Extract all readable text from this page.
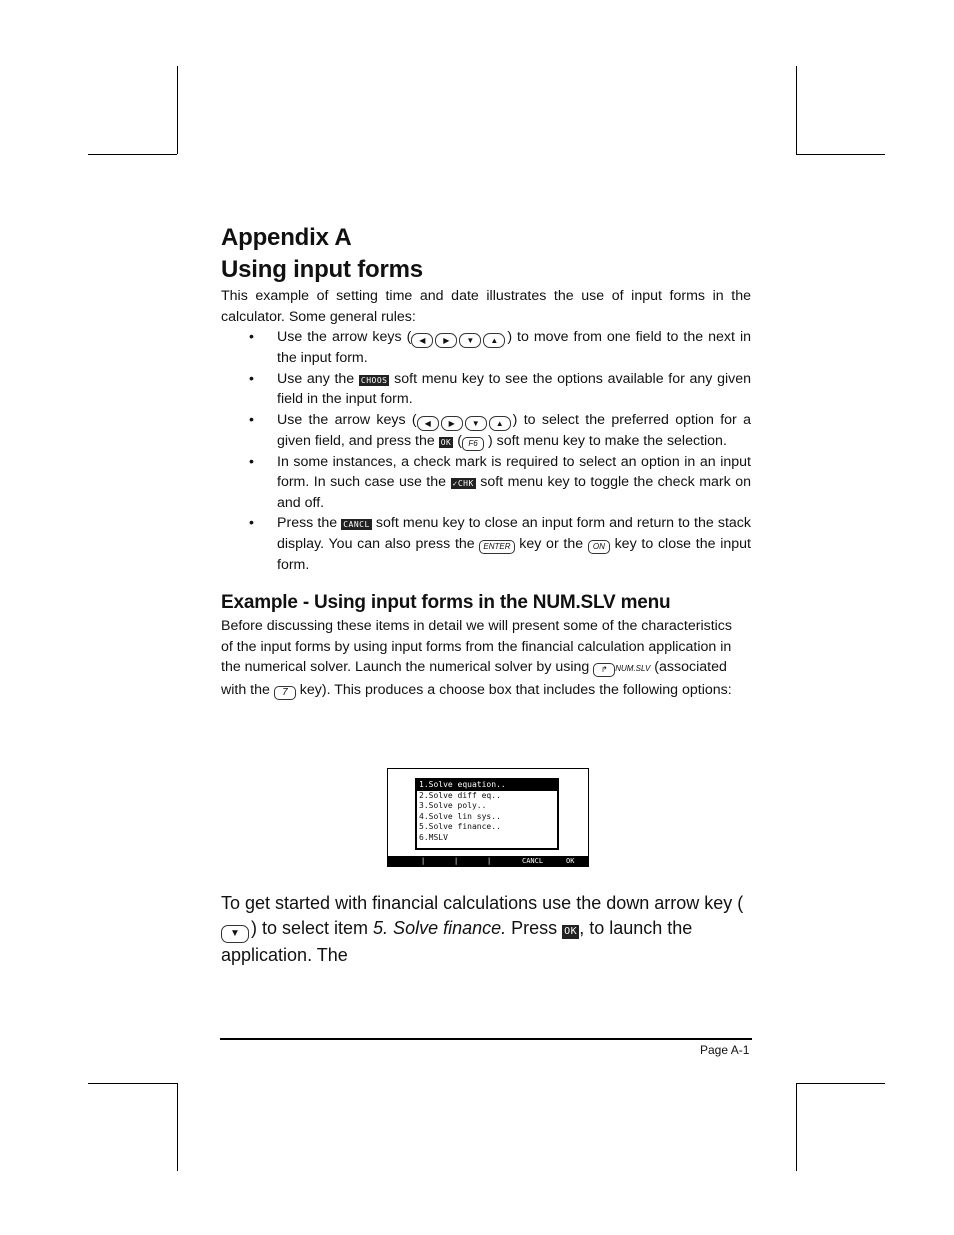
Appendix A
Using input forms

This example of setting time and date illustrates the use of input forms in the calculator. Some general rules:

• Use the arrow keys ( ◀ ▶ ▼ ▲ ) to move from one field to the next in the input form.
• Use any the CHOOS soft menu key to see the options available for any given field in the input form.
• Use the arrow keys ( ◀ ▶ ▼ ▲ ) to select the preferred option for a given field, and press the OK ( F6 ) soft menu key to make the selection.
• In some instances, a check mark is required to select an option in an input form. In such case use the ✓CHK soft menu key to toggle the check mark on and off.
• Press the CANCL soft menu key to close an input form and return to the stack display. You can also press the ENTER key or the ON key to close the input form.
Example - Using input forms in the NUM.SLV menu

Before discussing these items in detail we will present some of the characteristics of the input forms by using input forms from the financial calculation application in the numerical solver. Launch the numerical solver by using ↱ NUM.SLV (associated with the 7 key). This produces a choose box that includes the following options:

1.Solve equation..
2.Solve diff eq..
3.Solve poly..
4.Solve lin sys..
5.Solve finance..
6.MSLV
|	|	|	CANCL	OK
To get started with financial calculations use the down arrow key (▼ ) to select item 5. Solve finance. Press OK , to launch the application. The
Page A-1
